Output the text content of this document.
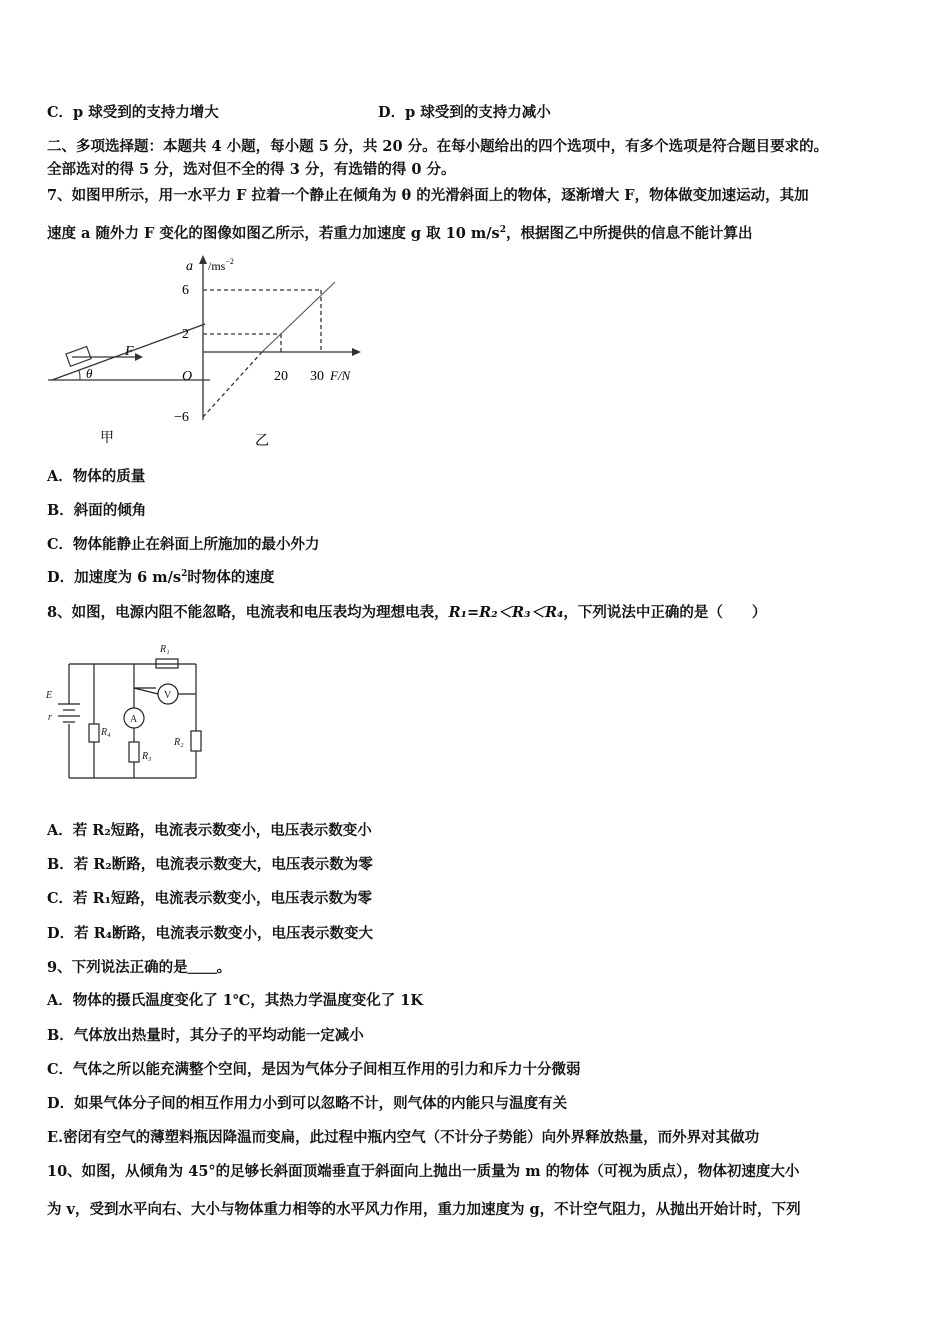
C．p 球受到的支持力增大	D．p 球受到的支持力减小
二、多项选择题：本题共 4 小题，每小题 5 分，共 20 分。在每小题给出的四个选项中，有多个选项是符合题目要求的。
全部选对的得 5 分，选对但不全的得 3 分，有选错的得 0 分。
7、如图甲所示，用一水平力 F 拉着一个静止在倾角为 θ 的光滑斜面上的物体，逐渐增大 F，物体做变加速运动，其加
速度 a 随外力 F 变化的图像如图乙所示，若重力加速度 g 取 10 $m/s^2$，根据图乙中所提供的信息不能计算出
F
θ
甲
a $/ms^{-2}$
6
2
O
−6
20 30 F/N
乙
A．物体的质量
B．斜面的倾角
C．物体能静止在斜面上所施加的最小外力
D．加速度为 6 $m/s^2$时物体的速度
8、如图，电源内阻不能忽略，电流表和电压表均为理想电表，R₁=R₂＜R₃＜R₄，下列说法中正确的是（　　）
E
r
R₁
R₂
R₃
R₄
A
V
A．若 R₂短路，电流表示数变小，电压表示数变小
B．若 R₂断路，电流表示数变大，电压表示数为零
C．若 R₁短路，电流表示数变小，电压表示数为零
D．若 R₄断路，电流表示数变小，电压表示数变大
9、下列说法正确的是＿＿。
A．物体的摄氏温度变化了 1℃，其热力学温度变化了 1K
B．气体放出热量时，其分子的平均动能一定减小
C．气体之所以能充满整个空间，是因为气体分子间相互作用的引力和斥力十分微弱
D．如果气体分子间的相互作用力小到可以忽略不计，则气体的内能只与温度有关
E.密闭有空气的薄塑料瓶因降温而变扁，此过程中瓶内空气（不计分子势能）向外界释放热量，而外界对其做功
10、如图，从倾角为 45°的足够长斜面顶端垂直于斜面向上抛出一质量为 m 的物体（可视为质点），物体初速度大小
为 v，受到水平向右、大小与物体重力相等的水平风力作用，重力加速度为 g，不计空气阻力，从抛出开始计时，下列
